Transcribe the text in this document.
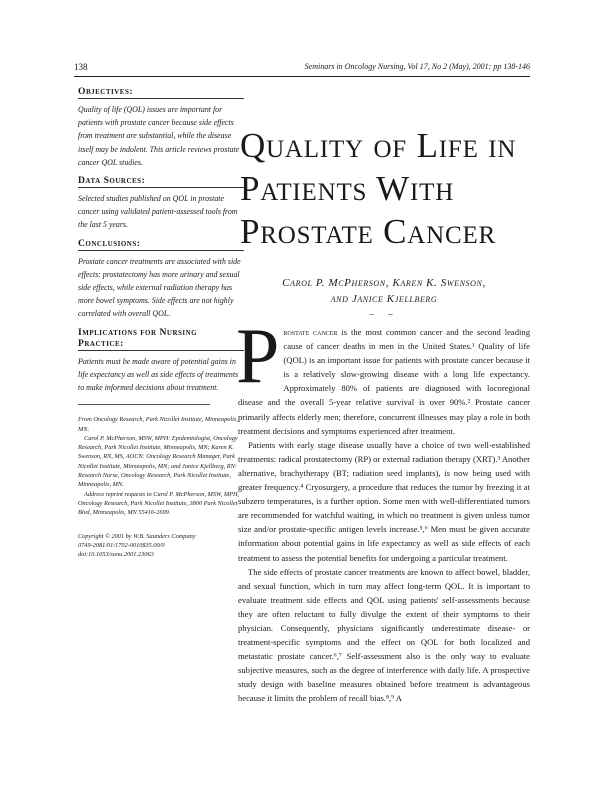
138	Seminars in Oncology Nursing, Vol 17, No 2 (May), 2001: pp 138-146
Objectives:

Quality of life (QOL) issues are important for patients with prostate cancer because side effects from treatment are substantial, while the disease itself may be indolent. This article reviews prostate cancer QOL studies.

Data Sources:

Selected studies published on QOL in prostate cancer using validated patient-assessed tools from the last 5 years.

Conclusions:

Prostate cancer treatments are associated with side effects: prostatectomy has more urinary and sexual side effects, while external radiation therapy has more bowel symptoms. Side effects are not highly correlated with overall QOL.

Implications for Nursing Practice:

Patients must be made aware of potential gains in life expectancy as well as side effects of treatments to make informed decisions about treatment.

From Oncology Research, Park Nicollet Institute, Minneapolis, MN.

Carol P. McPherson, MSW, MPH: Epidemiologist, Oncology Research, Park Nicollet Institute, Minneapolis, MN; Karen K. Swenson, RN, MS, AOCN: Oncology Research Manager, Park Nicollet Institute, Minneapolis, MN; and Janice Kjellberg, RN: Research Nurse, Oncology Research, Park Nicollet Institute, Minneapolis, MN.

Address reprint requests to Carol P. McPherson, MSW, MPH, Oncology Research, Park Nicollet Institute, 3800 Park Nicollet Blvd, Minneapolis, MN 55416-2699.

Copyright © 2001 by W.B. Saunders Company
0749-2081/01/1702-0010$35.00/0
doi:10.1053/sonu.2001.23063
Quality of Life in Patients With Prostate Cancer
Carol P. McPherson, Karen K. Swenson,
and Janice Kjellberg
– –

Prostate cancer is the most common cancer and the second leading cause of cancer deaths in men in the United States.¹ Quality of life (QOL) is an important issue for patients with prostate cancer because it is a relatively slow-growing disease with a long life expectancy. Approximately 80% of patients are diagnosed with locoregional disease and the overall 5-year relative survival is over 90%.² Prostate cancer primarily affects elderly men; therefore, concurrent illnesses may play a role in both treatment decisions and symptoms experienced after treatment.

Patients with early stage disease usually have a choice of two well-established treatments: radical prostatectomy (RP) or external radiation therapy (XRT).³ Another alternative, brachytherapy (BT; radiation seed implants), is now being used with greater frequency.⁴ Cryosurgery, a procedure that reduces the tumor by freezing it at subzero temperatures, is a further option. Some men with well-differentiated tumors are recommended for watchful waiting, in which no treatment is given unless tumor size and/or prostate-specific antigen levels increase.⁵,⁶ Men must be given accurate information about potential gains in life expectancy as well as side effects of each treatment to assess the potential benefits for undergoing a particular treatment.

The side effects of prostate cancer treatments are known to affect bowel, bladder, and sexual function, which in turn may affect long-term QOL. It is important to evaluate treatment side effects and QOL using patients' self-assessments because they are often reluctant to fully divulge the extent of their symptoms to their physician. Consequently, physicians significantly underestimate disease- or treatment-specific symptoms and the effect on QOL for both localized and metastatic prostate cancer.⁶,⁷ Self-assessment also is the only way to evaluate subjective measures, such as the degree of interference with daily life. A prospective study design with baseline measures obtained before treatment is advantageous because it limits the problem of recall bias.⁸,⁹ A
